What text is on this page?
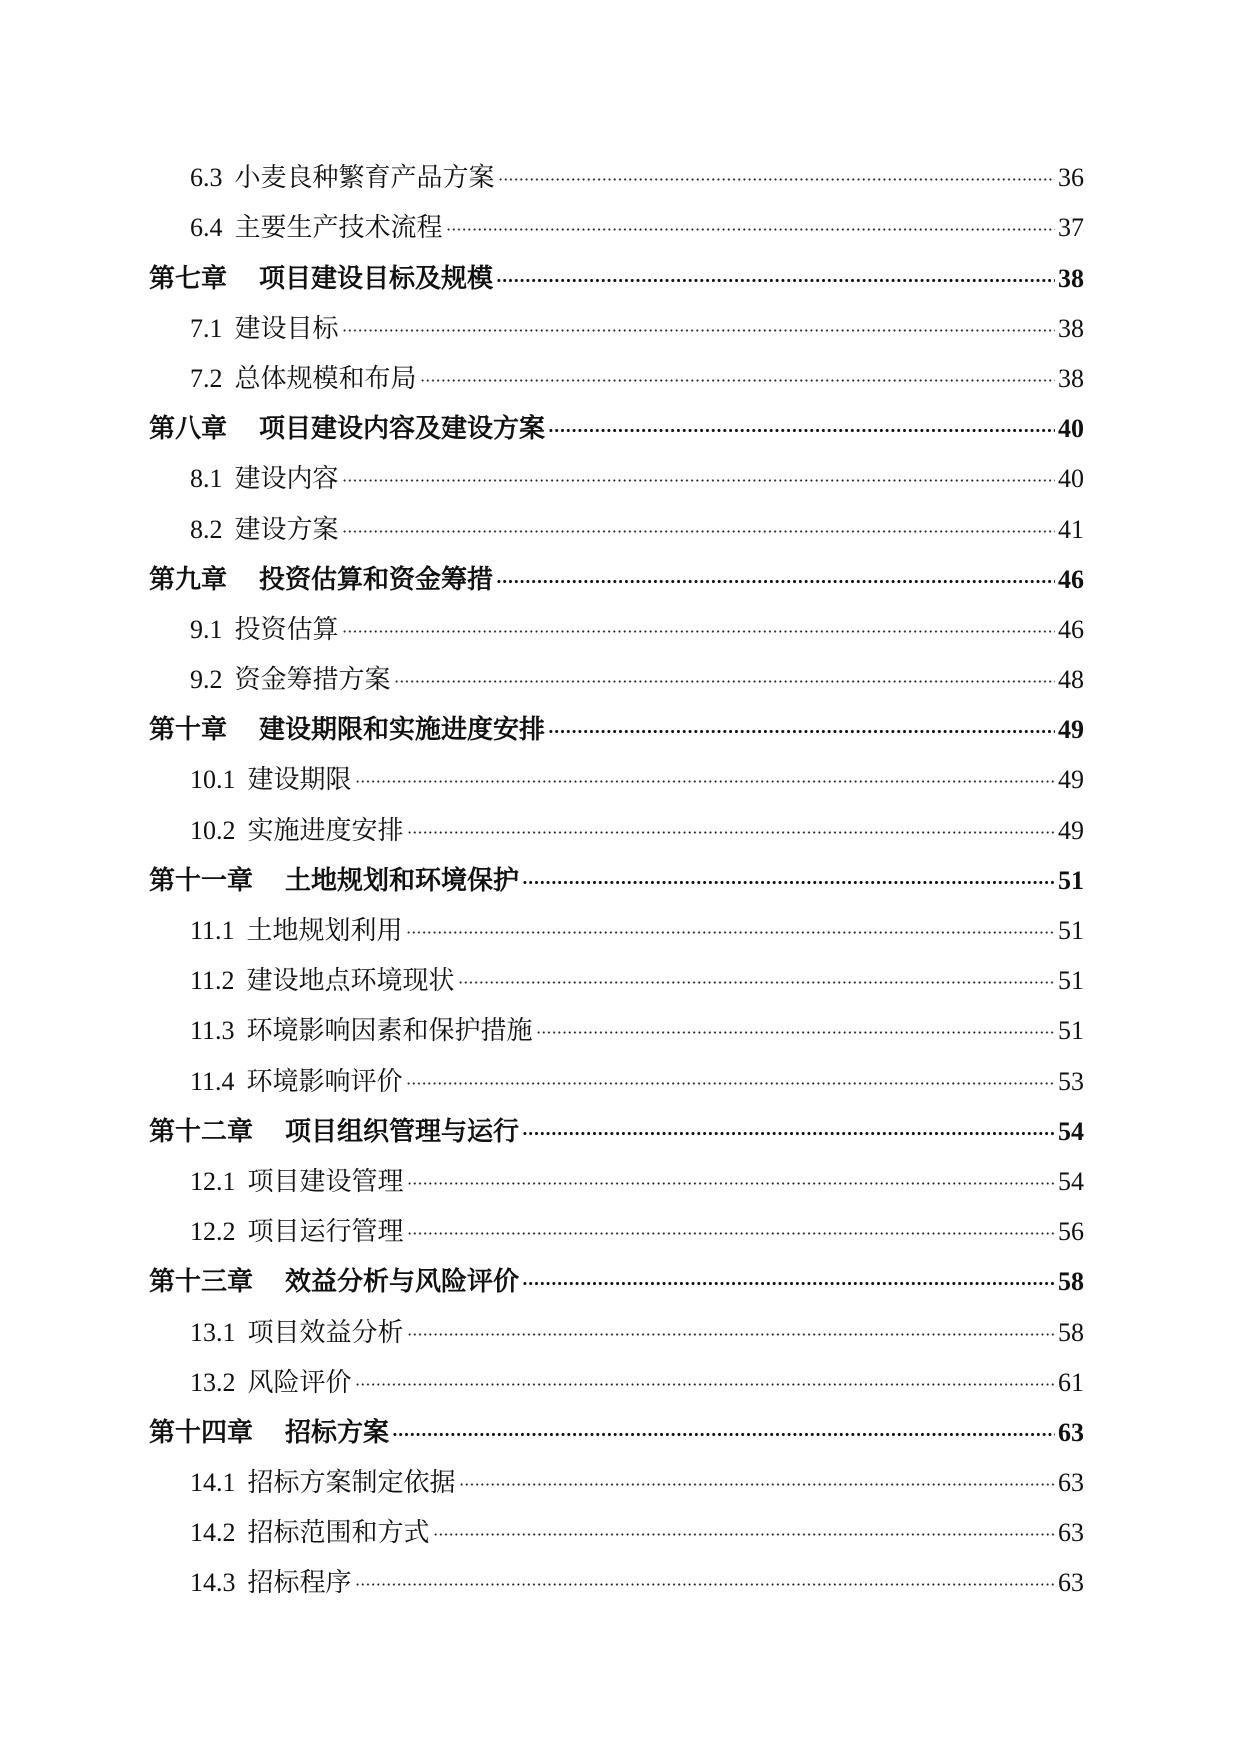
6.3 小麦良种繁育产品方案	36
6.4 主要生产技术流程	37
第七章 项目建设目标及规模	38
7.1 建设目标	38
7.2 总体规模和布局	38
第八章 项目建设内容及建设方案	40
8.1 建设内容	40
8.2 建设方案	41
第九章 投资估算和资金筹措	46
9.1 投资估算	46
9.2 资金筹措方案	48
第十章 建设期限和实施进度安排	49
10.1 建设期限	49
10.2 实施进度安排	49
第十一章 土地规划和环境保护	51
11.1 土地规划利用	51
11.2 建设地点环境现状	51
11.3 环境影响因素和保护措施	51
11.4 环境影响评价	53
第十二章 项目组织管理与运行	54
12.1 项目建设管理	54
12.2 项目运行管理	56
第十三章 效益分析与风险评价	58
13.1 项目效益分析	58
13.2 风险评价	61
第十四章 招标方案	63
14.1 招标方案制定依据	63
14.2 招标范围和方式	63
14.3 招标程序	63
